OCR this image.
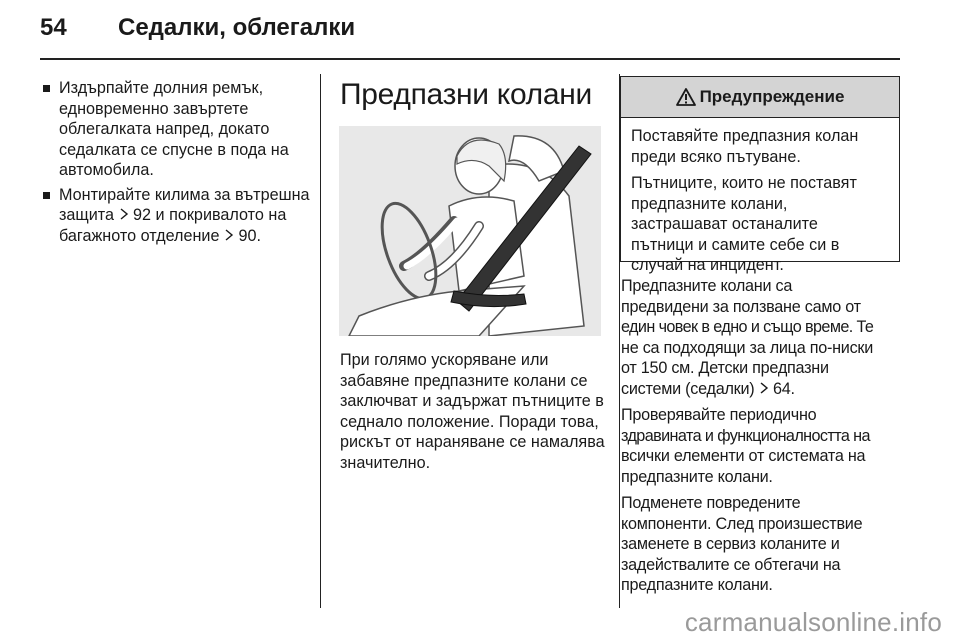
54 Седалки, облегалки
Издърпайте долния ремък,
едновременно завъртете
облегалката напред, докато
седалката се спусне в пода на
автомобила.
Монтирайте килима за вътрешна
защита 92 и покривалото на
багажното отделение 90.
Предпазни колани
При голямо ускоряване или
забавяне предпазните колани се
заключват и задържат пътниците в
седнало положение. Поради това,
рискът от нараняване се намалява
значително.
Предупреждение

Поставяйте предпазния колан
преди всяко пътуване.

Пътниците, които не поставят
предпазните колани,
застрашават останалите
пътници и самите себе си в
случай на инцидент.

Предпазните колани са
предвидени за ползване само от
един човек в едно и също време. Те
не са подходящи за лица по-ниски
от 150 см. Детски предпазни
системи (седалки) 64.

Проверявайте периодично
здравината и функционалността на
всички елементи от системата на
предпазните колани.

Подменете повредените
компоненти. След произшествие
заменете в сервиз коланите и
задействалите се обтегачи на
предпазните колани.

carmanualsonline.info
